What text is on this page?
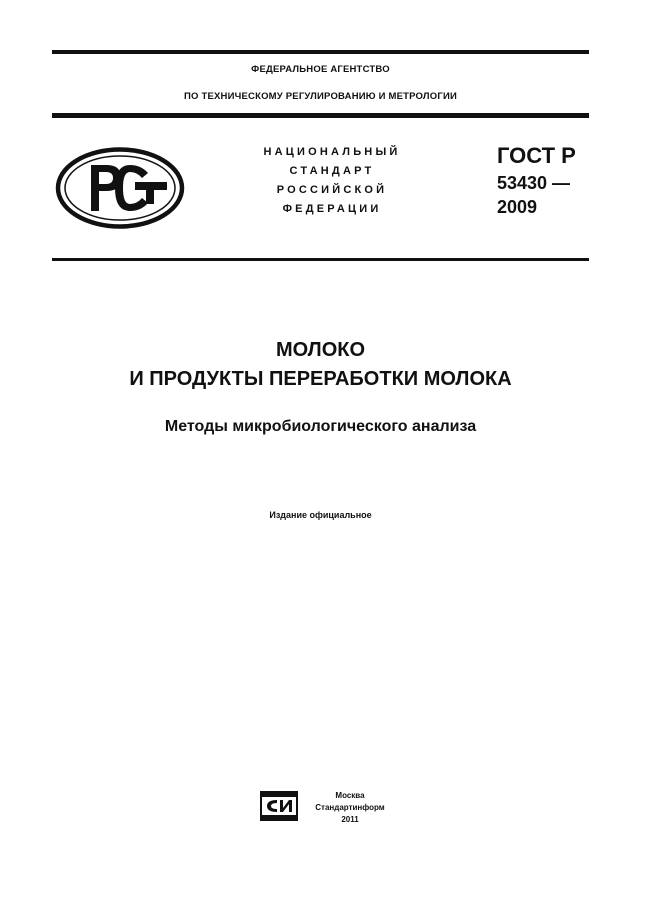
ФЕДЕРАЛЬНОЕ АГЕНТСТВО
ПО ТЕХНИЧЕСКОМУ РЕГУЛИРОВАНИЮ И МЕТРОЛОГИИ
НАЦИОНАЛЬНЫЙ
СТАНДАРТ
РОССИЙСКОЙ
ФЕДЕРАЦИИ
ГОСТ Р
53430 —
2009
МОЛОКО
И ПРОДУКТЫ ПЕРЕРАБОТКИ МОЛОКА
Методы микробиологического анализа
Издание официальное
Москва
Стандартинформ
2011
